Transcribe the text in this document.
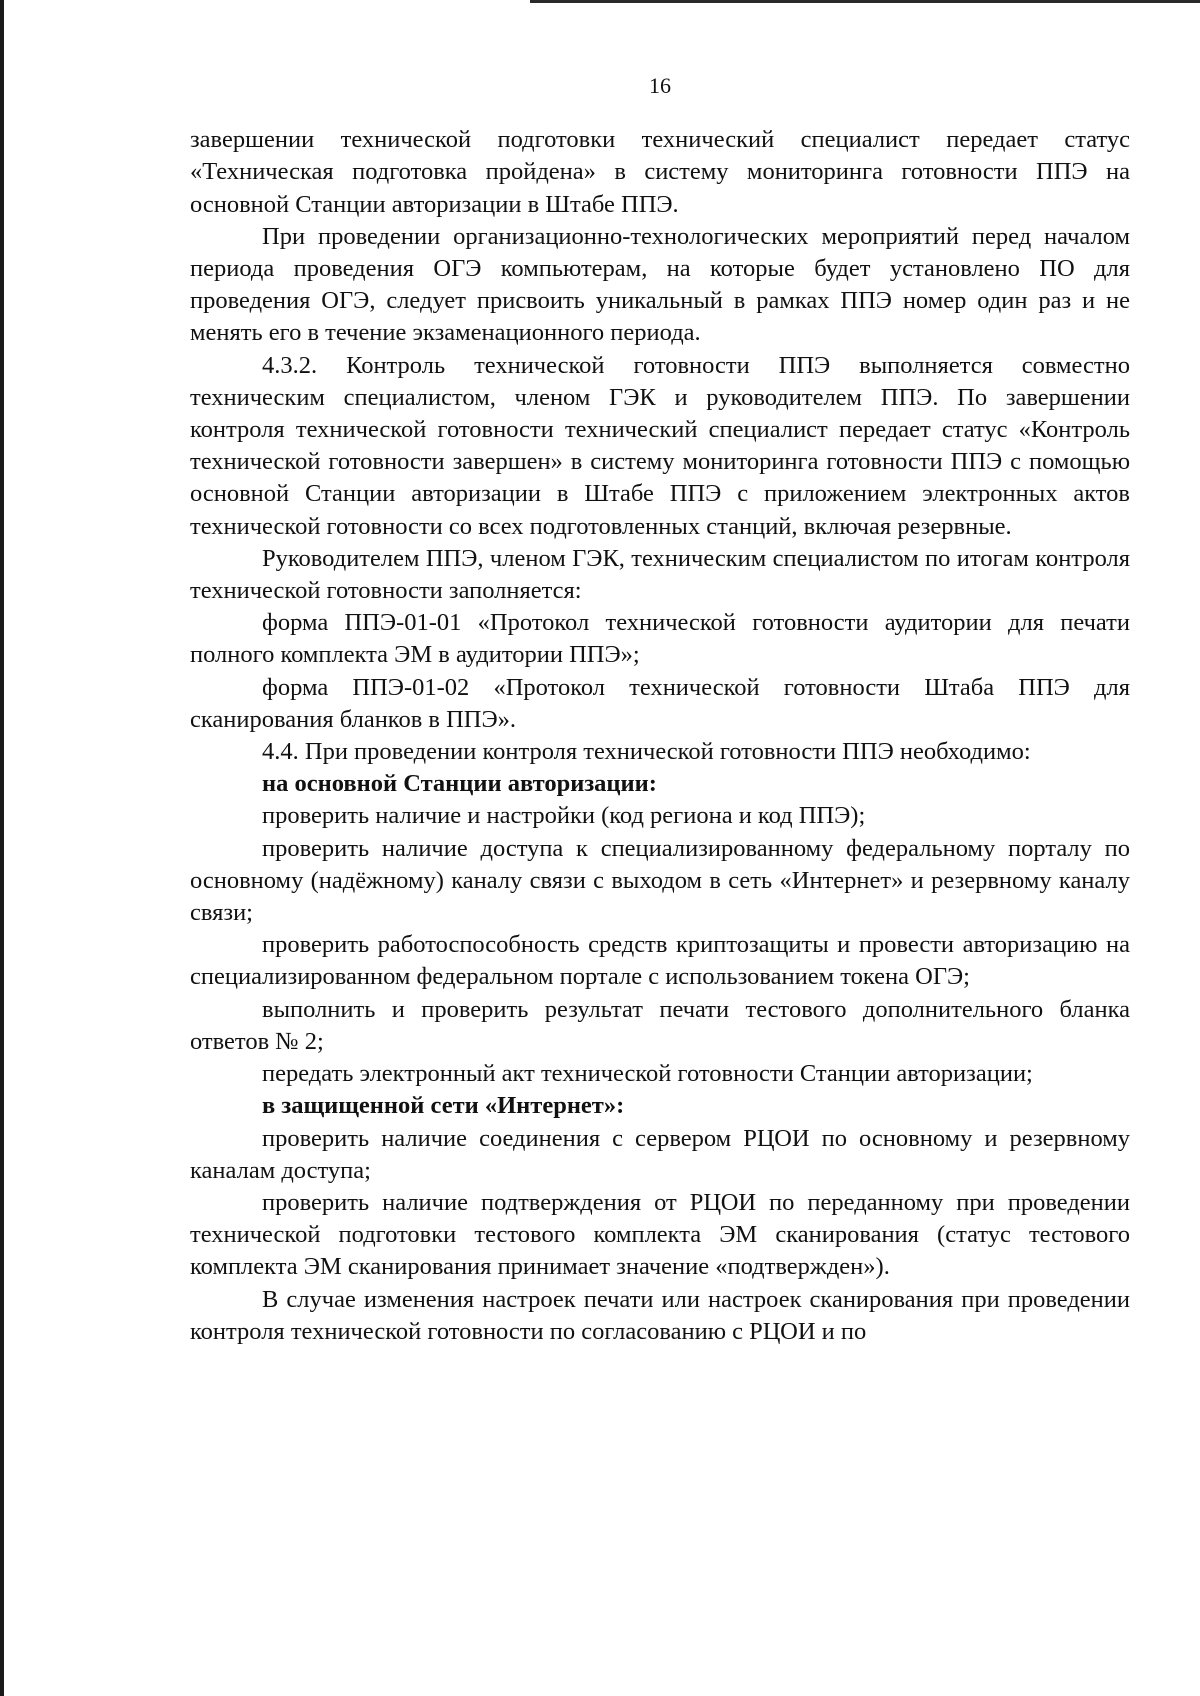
16

завершении технической подготовки технический специалист передает статус «Техническая подготовка пройдена» в систему мониторинга готовности ППЭ на основной Станции авторизации в Штабе ППЭ.

При проведении организационно-технологических мероприятий перед началом периода проведения ОГЭ компьютерам, на которые будет установлено ПО для проведения ОГЭ, следует присвоить уникальный в рамках ППЭ номер один раз и не менять его в течение экзаменационного периода.

4.3.2. Контроль технической готовности ППЭ выполняется совместно техническим специалистом, членом ГЭК и руководителем ППЭ. По завершении контроля технической готовности технический специалист передает статус «Контроль технической готовности завершен» в систему мониторинга готовности ППЭ с помощью основной Станции авторизации в Штабе ППЭ с приложением электронных актов технической готовности со всех подготовленных станций, включая резервные.

Руководителем ППЭ, членом ГЭК, техническим специалистом по итогам контроля технической готовности заполняется:

форма ППЭ-01-01 «Протокол технической готовности аудитории для печати полного комплекта ЭМ в аудитории ППЭ»;

форма ППЭ-01-02 «Протокол технической готовности Штаба ППЭ для сканирования бланков в ППЭ».

4.4. При проведении контроля технической готовности ППЭ необходимо:

на основной Станции авторизации:

проверить наличие и настройки (код региона и код ППЭ);

проверить наличие доступа к специализированному федеральному порталу по основному (надёжному) каналу связи с выходом в сеть «Интернет» и резервному каналу связи;

проверить работоспособность средств криптозащиты и провести авторизацию на специализированном федеральном портале с использованием токена ОГЭ;

выполнить и проверить результат печати тестового дополнительного бланка ответов № 2;

передать электронный акт технической готовности Станции авторизации;

в защищенной сети «Интернет»:

проверить наличие соединения с сервером РЦОИ по основному и резервному каналам доступа;

проверить наличие подтверждения от РЦОИ по переданному при проведении технической подготовки тестового комплекта ЭМ сканирования (статус тестового комплекта ЭМ сканирования принимает значение «подтвержден»).

В случае изменения настроек печати или настроек сканирования при проведении контроля технической готовности по согласованию с РЦОИ и по
